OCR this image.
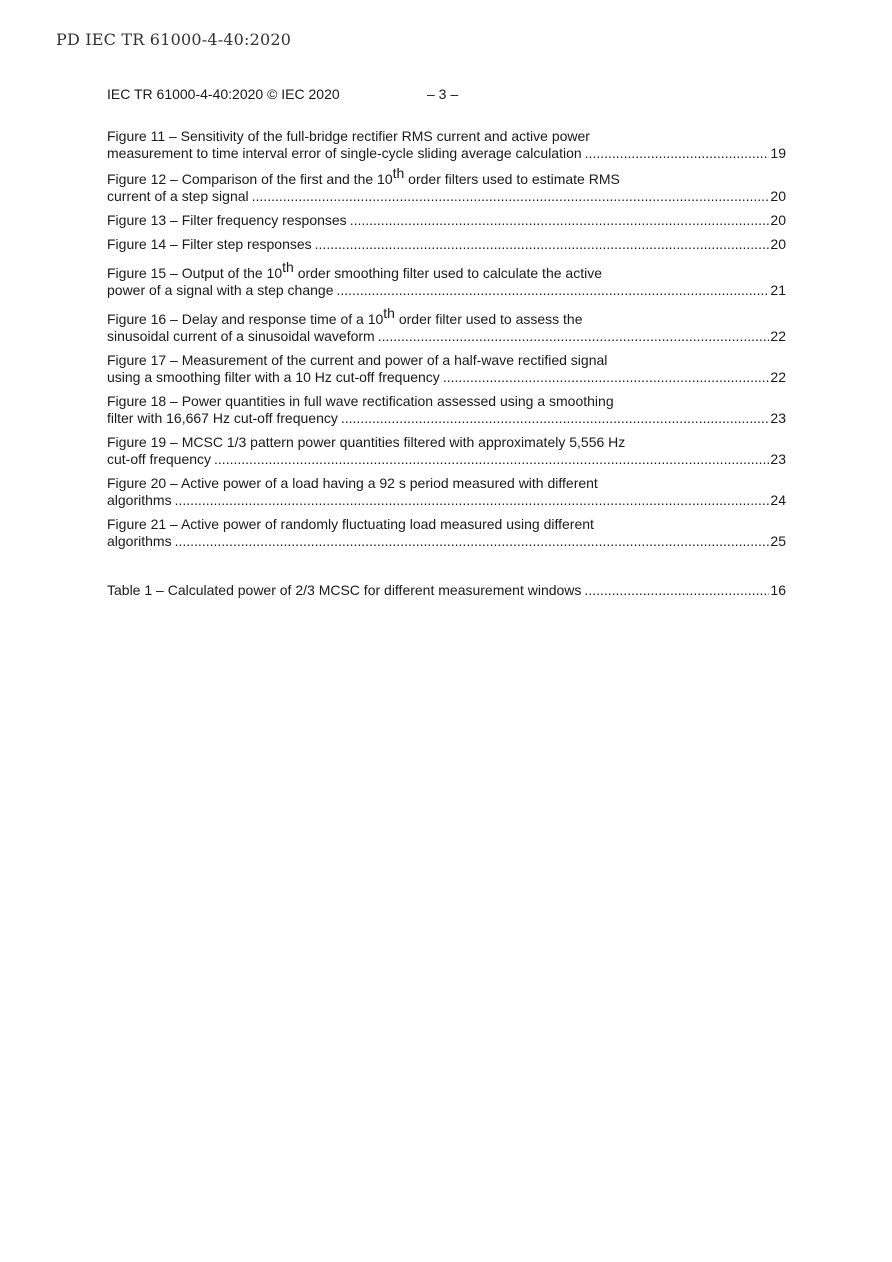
PD IEC TR 61000-4-40:2020
IEC TR 61000-4-40:2020 © IEC 2020	– 3 –
Figure 11 – Sensitivity of the full-bridge rectifier RMS current and active power
measurement to time interval error of single-cycle sliding average calculation .....	19
Figure 12 – Comparison of the first and the 10th order filters used to estimate RMS
current of a step signal .....	20
Figure 13 – Filter frequency responses .....	20
Figure 14 – Filter step responses .....	20
Figure 15 – Output of the 10th order smoothing filter used to calculate the active
power of a signal with a step change .....	21
Figure 16 – Delay and response time of a 10th order filter used to assess the
sinusoidal current of a sinusoidal waveform .....	22
Figure 17 – Measurement of the current and power of a half-wave rectified signal
using a smoothing filter with a 10 Hz cut-off frequency .....	22
Figure 18 – Power quantities in full wave rectification assessed using a smoothing
filter with 16,667 Hz cut-off frequency .....	23
Figure 19 – MCSC 1/3 pattern power quantities filtered with approximately 5,556 Hz
cut-off frequency .....	23
Figure 20 – Active power of a load having a 92 s period measured with different
algorithms .....	24
Figure 21 – Active power of randomly fluctuating load measured using different
algorithms .....	25
Table 1 – Calculated power of 2/3 MCSC for different measurement windows .....	16
